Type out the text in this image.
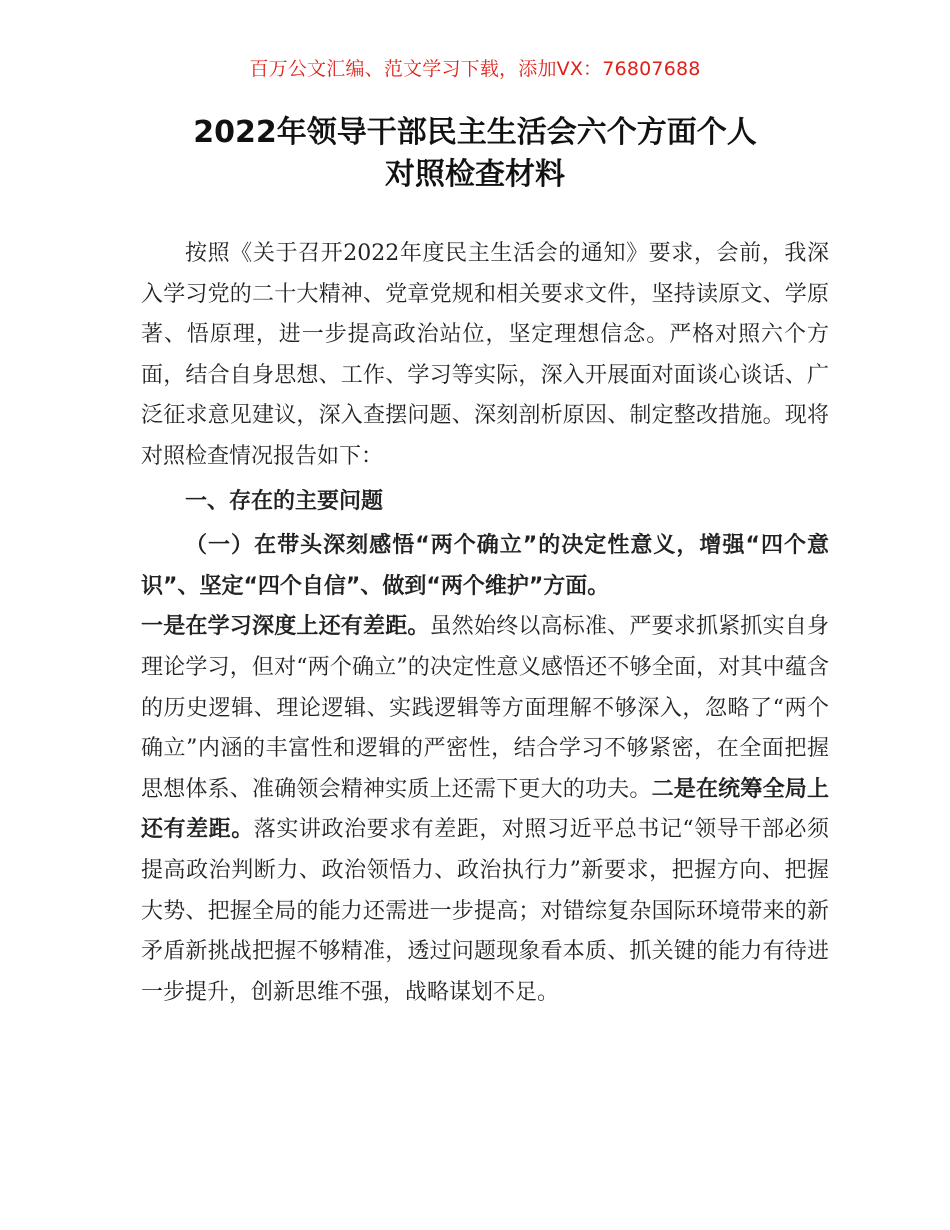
百万公文汇编、范文学习下载，添加VX：76807688
2022年领导干部民主生活会六个方面个人
对照检查材料

按照《关于召开2022年度民主生活会的通知》要求，会前，我深入学习党的二十大精神、党章党规和相关要求文件，坚持读原文、学原著、悟原理，进一步提高政治站位，坚定理想信念。严格对照六个方面，结合自身思想、工作、学习等实际，深入开展面对面谈心谈话、广泛征求意见建议，深入查摆问题、深刻剖析原因、制定整改措施。现将对照检查情况报告如下：

一、存在的主要问题

（一）在带头深刻感悟“两个确立”的决定性意义，增强“四个意识”、坚定“四个自信”、做到“两个维护”方面。

一是在学习深度上还有差距。虽然始终以高标准、严要求抓紧抓实自身理论学习，但对“两个确立”的决定性意义感悟还不够全面，对其中蕴含的历史逻辑、理论逻辑、实践逻辑等方面理解不够深入，忽略了“两个确立”内涵的丰富性和逻辑的严密性，结合学习不够紧密，在全面把握思想体系、准确领会精神实质上还需下更大的功夫。二是在统筹全局上还有差距。落实讲政治要求有差距，对照习近平总书记“领导干部必须提高政治判断力、政治领悟力、政治执行力”新要求，把握方向、把握大势、把握全局的能力还需进一步提高；对错综复杂国际环境带来的新矛盾新挑战把握不够精准，透过问题现象看本质、抓关键的能力有待进一步提升，创新思维不强，战略谋划不足。
